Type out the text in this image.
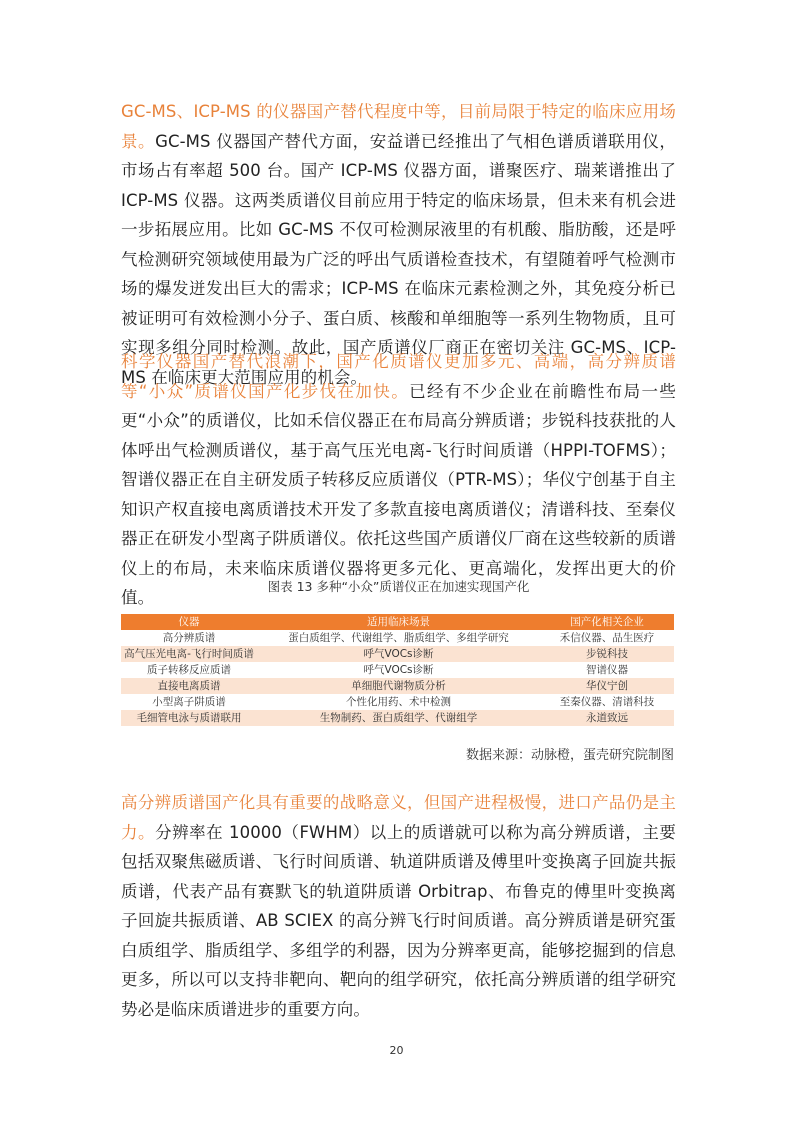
GC-MS、ICP-MS 的仪器国产替代程度中等，目前局限于特定的临床应用场景。GC-MS 仪器国产替代方面，安益谱已经推出了气相色谱质谱联用仪，市场占有率超 500 台。国产 ICP-MS 仪器方面，谱聚医疗、瑞莱谱推出了 ICP-MS 仪器。这两类质谱仪目前应用于特定的临床场景，但未来有机会进一步拓展应用。比如 GC-MS 不仅可检测尿液里的有机酸、脂肪酸，还是呼气检测研究领域使用最为广泛的呼出气质谱检查技术，有望随着呼气检测市场的爆发迸发出巨大的需求；ICP-MS 在临床元素检测之外，其免疫分析已被证明可有效检测小分子、蛋白质、核酸和单细胞等一系列生物物质，且可实现多组分同时检测。故此，国产质谱仪厂商正在密切关注 GC-MS、ICP-MS 在临床更大范围应用的机会。

科学仪器国产替代浪潮下，国产化质谱仪更加多元、高端，高分辨质谱等“小众”质谱仪国产化步伐在加快。已经有不少企业在前瞻性布局一些更“小众”的质谱仪，比如禾信仪器正在布局高分辨质谱；步锐科技获批的人体呼出气检测质谱仪，基于高气压光电离-飞行时间质谱（HPPI-TOFMS）；智谱仪器正在自主研发质子转移反应质谱仪（PTR-MS）；华仪宁创基于自主知识产权直接电离质谱技术开发了多款直接电离质谱仪；清谱科技、至秦仪器正在研发小型离子阱质谱仪。依托这些国产质谱仪厂商在这些较新的质谱仪上的布局，未来临床质谱仪器将更多元化、更高端化，发挥出更大的价值。

图表 13 多种“小众”质谱仪正在加速实现国产化
仪器	适用临床场景	国产化相关企业
高分辨质谱	蛋白质组学、代谢组学、脂质组学、多组学研究	禾信仪器、品生医疗
高气压光电离-飞行时间质谱	呼气VOCs诊断	步锐科技
质子转移反应质谱	呼气VOCs诊断	智谱仪器
直接电离质谱	单细胞代谢物质分析	华仪宁创
小型离子阱质谱	个性化用药、术中检测	至秦仪器、清谱科技
毛细管电泳与质谱联用	生物制药、蛋白质组学、代谢组学	永道致远
数据来源：动脉橙，蛋壳研究院制图

高分辨质谱国产化具有重要的战略意义，但国产进程极慢，进口产品仍是主力。分辨率在 10000（FWHM）以上的质谱就可以称为高分辨质谱，主要包括双聚焦磁质谱、飞行时间质谱、轨道阱质谱及傅里叶变换离子回旋共振质谱，代表产品有赛默飞的轨道阱质谱 Orbitrap、布鲁克的傅里叶变换离子回旋共振质谱、AB SCIEX 的高分辨飞行时间质谱。高分辨质谱是研究蛋白质组学、脂质组学、多组学的利器，因为分辨率更高，能够挖掘到的信息更多，所以可以支持非靶向、靶向的组学研究，依托高分辨质谱的组学研究势必是临床质谱进步的重要方向。

20
